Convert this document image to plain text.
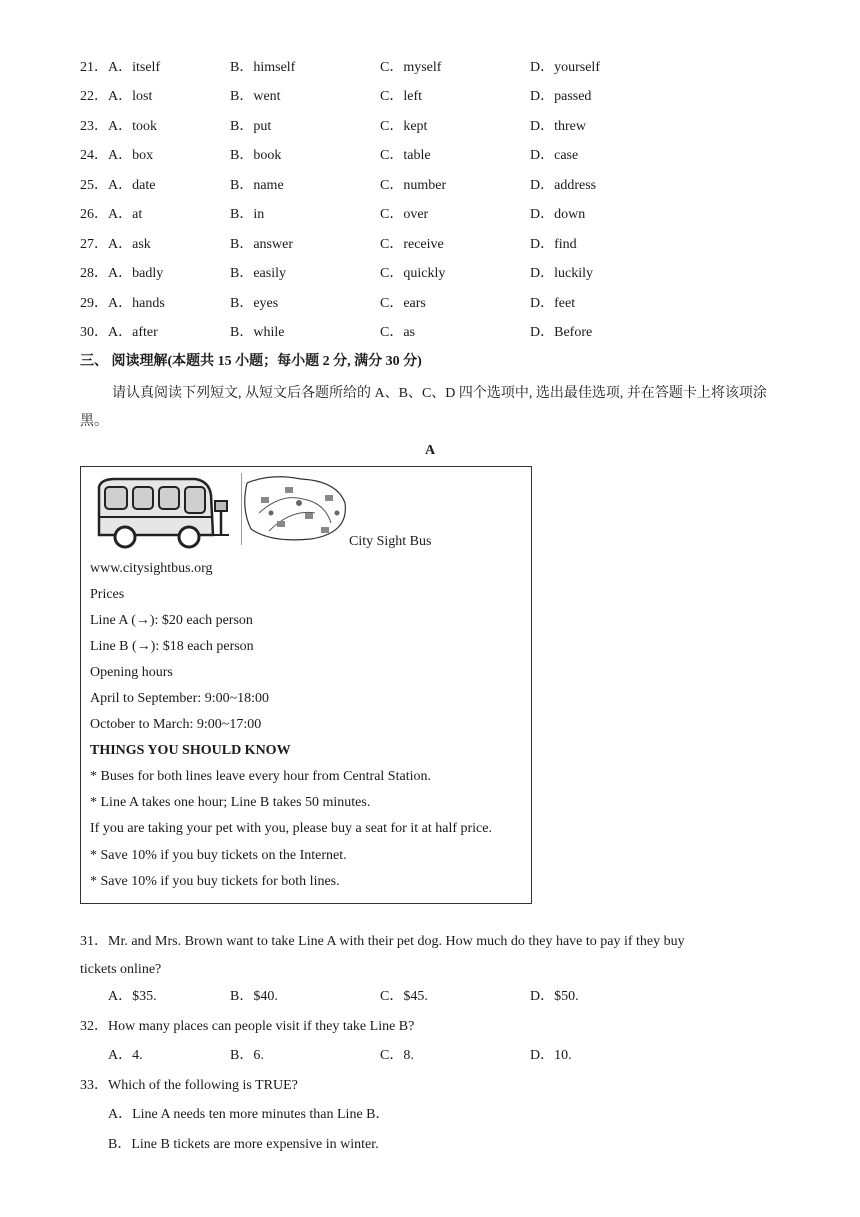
21． A．itself	B．himself	C．myself	D．yourself
22． A．lost	B．went	C．left	D．passed
23． A．took	B．put	C．kept	D．threw
24． A．box	B．book	C．table	D．case
25． A．date	B．name	C．number	D．address
26． A．at	B．in	C．over	D．down
27． A．ask	B．answer	C．receive	D．find
28． A．badly	B．easily	C．quickly	D．luckily
29． A．hands	B．eyes	C．ears	D．feet
30． A．after	B．while	C．as	D．Before
三、 阅读理解(本题共 15 小题；每小题 2 分, 满分 30 分)
请认真阅读下列短文, 从短文后各题所给的 A、B、C、D 四个选项中, 选出最佳选项, 并在答题卡上将该项涂黑。
A
City Sight Bus
www.citysightbus.org
Prices
Line A (→): $20 each person
Line B (→): $18 each person
Opening hours
April to September: 9:00~18:00
October to March: 9:00~17:00
THINGS YOU SHOULD KNOW
* Buses for both lines leave every hour from Central Station.
* Line A takes one hour; Line B takes 50 minutes.
If you are taking your pet with you, please buy a seat for it at half price.
* Save 10% if you buy tickets on the Internet.
* Save 10% if you buy tickets for both lines.
31．Mr. and Mrs. Brown want to take Line A with their pet dog. How much do they have to pay if they buy
tickets online?
A．$35.	B．$40.	C．$45.	D．$50.
32．How many places can people visit if they take Line B?
A．4.	B．6.	C．8.	D．10.
33．Which of the following is TRUE?
A．Line A needs ten more minutes than Line B．
B．Line B tickets are more expensive in winter.
